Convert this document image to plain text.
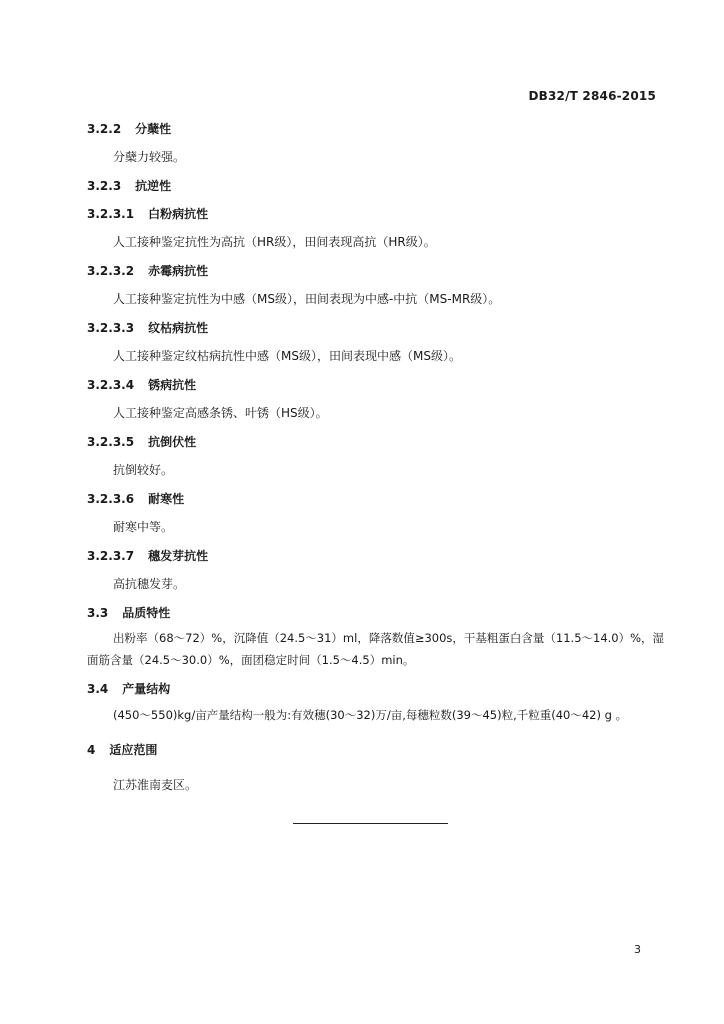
DB32/T 2846-2015
3.2.2 分蘖性
分蘖力较强。
3.2.3 抗逆性
3.2.3.1 白粉病抗性
人工接种鉴定抗性为高抗（HR级），田间表现高抗（HR级）。
3.2.3.2 赤霉病抗性
人工接种鉴定抗性为中感（MS级），田间表现为中感-中抗（MS-MR级）。
3.2.3.3 纹枯病抗性
人工接种鉴定纹枯病抗性中感（MS级），田间表现中感（MS级）。
3.2.3.4 锈病抗性
人工接种鉴定高感条锈、叶锈（HS级）。
3.2.3.5 抗倒伏性
抗倒较好。
3.2.3.6 耐寒性
耐寒中等。
3.2.3.7 穗发芽抗性
高抗穗发芽。
3.3 品质特性
出粉率（68～72）%，沉降值（24.5～31）ml，降落数值≥300s，干基粗蛋白含量（11.5～14.0）%，湿面筋含量（24.5～30.0）%，面团稳定时间（1.5～4.5）min。
3.4 产量结构
(450～550)kg/亩产量结构一般为:有效穗(30～32)万/亩,每穗粒数(39～45)粒,千粒重(40～42) g 。
4 适应范围
江苏淮南麦区。
3
